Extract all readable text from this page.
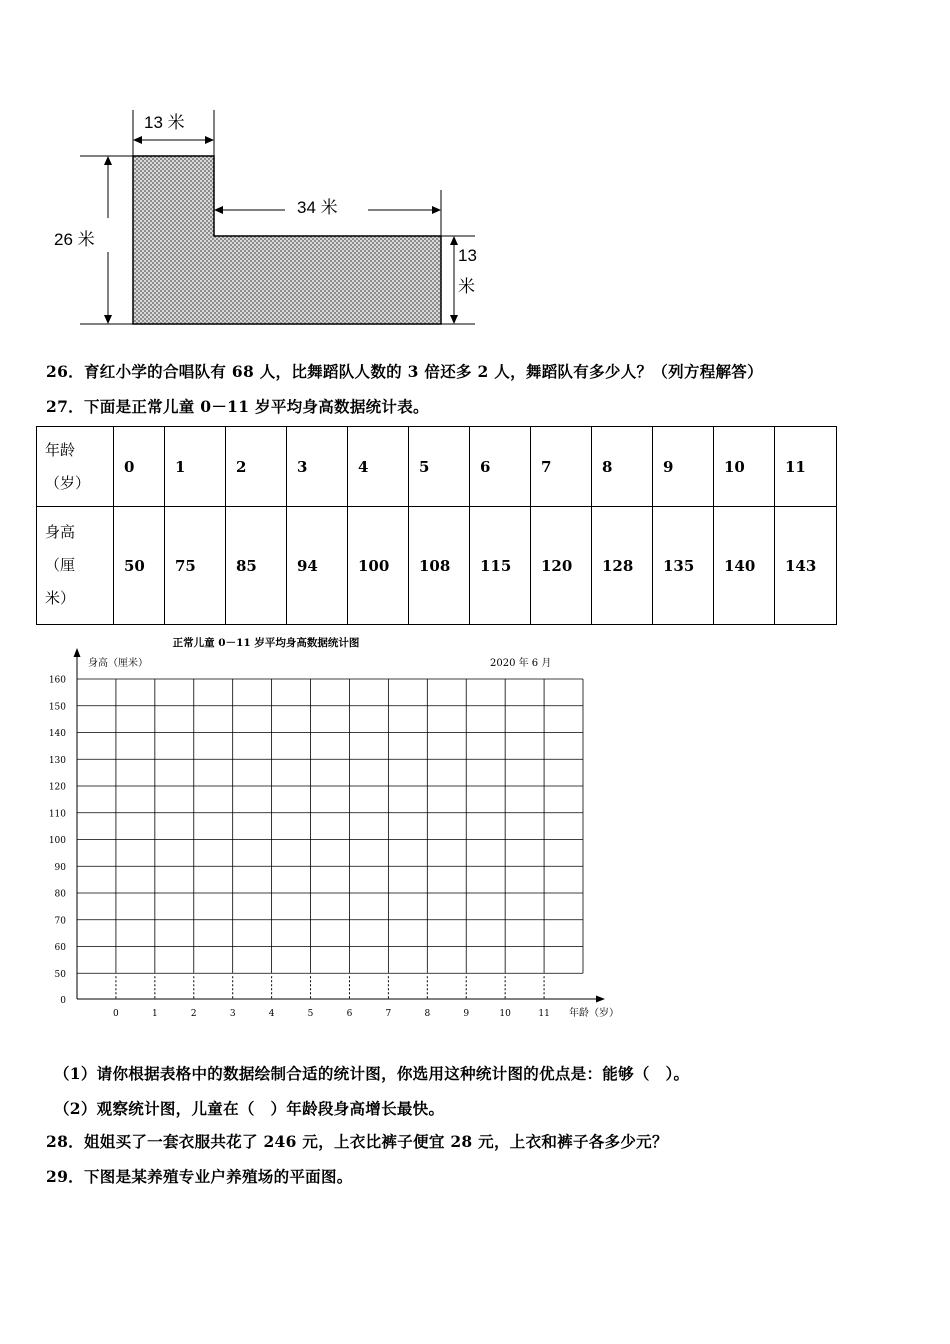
13 米
34 米
26 米
13
米
26．育红小学的合唱队有 68 人，比舞蹈队人数的 3 倍还多 2 人，舞蹈队有多少人？（列方程解答）
27．下面是正常儿童 0－11 岁平均身高数据统计表。
年龄
（岁）	0	1	2	3	4	5	6	7	8	9	10	11

身高
（厘
米）	50	75	85	94	100	108	115	120	128	135	140	143
正常儿童 0－11 岁平均身高数据统计图
2020 年 6 月
身高（厘米）
160
150
140
130
120
110
100
90
80
70
60
50
0
年龄（岁）
0	1	2	3	4	5	6	7	8	9	10	11
（1）请你根据表格中的数据绘制合适的统计图，你选用这种统计图的优点是：能够（　）。
（2）观察统计图，儿童在（　）年龄段身高增长最快。
28．姐姐买了一套衣服共花了 246 元，上衣比裤子便宜 28 元，上衣和裤子各多少元？
29．下图是某养殖专业户养殖场的平面图。
